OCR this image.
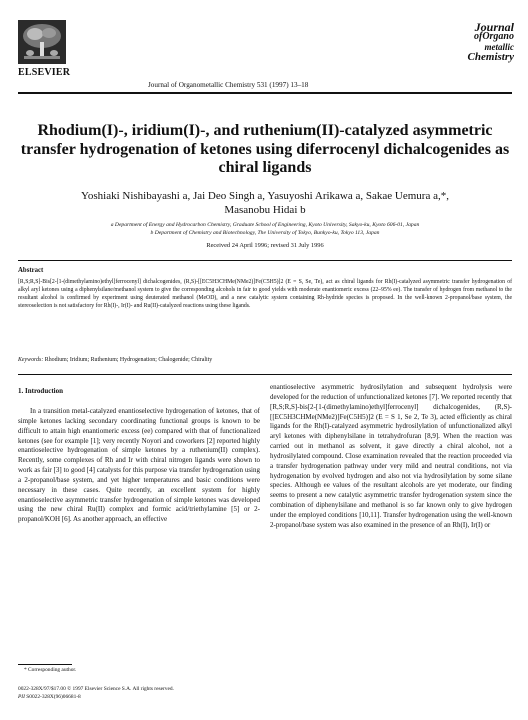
ELSEVIER
Journal of Organometallic Chemistry 531 (1997) 13–18
Journal
ofOrgano
metallic
Chemistry
Rhodium(I)-, iridium(I)-, and ruthenium(II)-catalyzed asymmetric
transfer hydrogenation of ketones using diferrocenyl dichalcogenides as
chiral ligands
Yoshiaki Nishibayashi a, Jai Deo Singh a, Yasuyoshi Arikawa a, Sakae Uemura a,*,
Masanobu Hidai b
a Department of Energy and Hydrocarbon Chemistry, Graduate School of Engineering, Kyoto University, Sakyo-ku, Kyoto 606-01, Japan
b Department of Chemistry and Biotechnology, The University of Tokyo, Bunkyo-ku, Tokyo 113, Japan
Received 24 April 1996; revised 31 July 1996
Abstract
[R,S;R,S]-Bis[2-[1-(dimethylamino)ethyl]ferrocenyl] dichalcogenides, (R,S)-[[EC5H3CHMe(NMe2)]Fe(C5H5)]2 (E = S, Se, Te), act as chiral ligands for Rh(I)-catalyzed asymmetric transfer hydrogenation of alkyl aryl ketones using a diphenylsilane/methanol system to give the corresponding alcohols in fair to good yields with moderate enantiomeric excess (22–95% ee). The transfer of hydrogen from methanol to the resultant alcohol is confirmed by experiment using deuterated methanol (MeOD), and a new catalytic system containing Rh-hydride species is proposed. In the well-known 2-propanol/base system, the stereoselection is not satisfactory for Rh(I)-, Ir(I)- and Ru(II)-catalyzed reactions using these ligands.
Keywords: Rhodium; Iridium; Ruthenium; Hydrogenation; Chalogenide; Chirality
1. Introduction
In a transition metal-catalyzed enantioselective hydrogenation of ketones, that of simple ketones lacking secondary coordinating functional groups is known to be difficult to attain high enantiomeric excess (ee) compared with that of functionalized ketones (see for example [1]; very recently Noyori and coworkers [2] reported highly enantioselective hydrogenation of simple ketones by a ruthenium(II) complex). Recently, some complexes of Rh and Ir with chiral nitrogen ligands were shown to work as fair [3] to good [4] catalysts for this purpose via transfer hydrogenation using a 2-propanol/base system, and yet higher temperatures and basic conditions were necessary in these cases. Quite recently, an excellent system for highly enantioselective asymmetric transfer hydrogenation of simple ketones was developed using the new chiral Ru(II) complex and formic acid/triethylamine [5] or 2-propanol/KOH [6]. As another approach, an effective
enantioselective asymmetric hydrosilylation and subsequent hydrolysis were developed for the reduction of unfunctionalized ketones [7]. We reported recently that [R,S;R,S]-bis[2-[1-(dimethylamino)ethyl]ferrocenyl] dichalcogenides, (R,S)-[[EC5H3CHMe(NMe2)]Fe(C5H5)]2 (E = S 1, Se 2, Te 3), acted efficiently as chiral ligands for the Rh(I)-catalyzed asymmetric hydrosilylation of unfunctionalized alkyl aryl ketones with diphenylsilane in tetrahydrofuran [8,9]. When the reaction was carried out in methanol as solvent, it gave directly a chiral alcohol, not a hydrosilylated compound. Close examination revealed that the reaction proceeded via a transfer hydrogenation pathway under very mild and neutral conditions, not via hydrogenation by evolved hydrogen and also not via hydrosilylation by some silane species. Although ee values of the resultant alcohols are yet moderate, our finding seems to present a new catalytic asymmetric transfer hydrogenation system since the combination of diphenylsilane and methanol is so far known only to give hydrogen under the employed conditions [10,11]. Transfer hydrogenation using the well-known 2-propanol/base system was also examined in the presence of an Rh(I), Ir(I) or
* Corresponding author.
0022-328X/97/$17.00 © 1997 Elsevier Science S.A. All rights reserved.
PII S0022-328X(96)06681-8
